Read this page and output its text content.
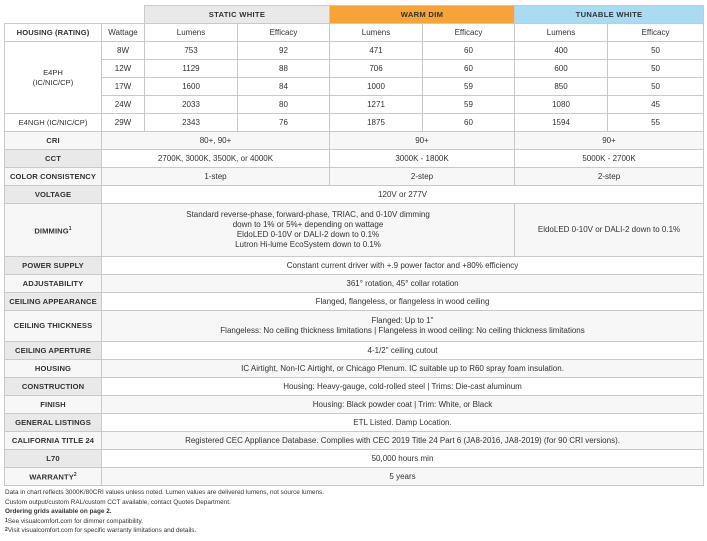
		STATIC WHITE		WARM DIM		TUNABLE WHITE	
HOUSING (RATING)	Wattage	Lumens	Efficacy	Lumens	Efficacy	Lumens	Efficacy
E4PH
(IC/NIC/CP)	8W	753	92	471	60	400	50
	12W	1129	88	706	60	600	50
	17W	1600	84	1000	59	850	50
	24W	2033	80	1271	59	1080	45
E4NGH (IC/NIC/CP)	29W	2343	76	1875	60	1594	55
CRI	80+, 90+			90+		90+	
CCT	2700K, 3000K, 3500K, or 4000K			3000K - 1800K		5000K - 2700K	
COLOR CONSISTENCY	1-step			2-step		2-step	
VOLTAGE	120V or 277V						
DIMMING$^1$	Standard reverse-phase, forward-phase, TRIAC, and 0-10V dimming
down to 1% or 5%+ depending on wattage
EldoLED 0-10V or DALI-2 down to 0.1%
Lutron Hi-lume EcoSystem down to 0.1%					EldoLED 0-10V or DALI-2 down to 0.1%	
POWER SUPPLY	Constant current driver with +.9 power factor and +80% efficiency						
ADJUSTABILITY	361° rotation, 45° collar rotation						
CEILING APPEARANCE	Flanged, flangeless, or flangeless in wood ceiling						
CEILING THICKNESS	Flanged: Up to 1"
Flangeless: No ceiling thickness limitations | Flangeless in wood ceiling: No ceiling thickness limitations						

CEILING APERTURE	4-1/2" ceiling cutout						
HOUSING	IC Airtight, Non-IC Airtight, or Chicago Plenum. IC suitable up to R60 spray foam insulation.						
CONSTRUCTION	Housing: Heavy-gauge, cold-rolled steel | Trims: Die-cast aluminum						
FINISH	Housing: Black powder coat | Trim: White, or Black						
GENERAL LISTINGS	ETL Listed. Damp Location.						
CALIFORNIA TITLE 24	Registered CEC Appliance Database. Complies with CEC 2019 Title 24 Part 6 (JA8-2016, JA8-2019) (for 90 CRI versions).						
L70	50,000 hours min						
WARRANTY$^2$	5 years						
Data in chart reflects 3000K/80CRI values unless noted. Lumen values are delivered lumens, not source lumens.
Custom output/custom RAL/custom CCT available, contact Quotes Department.
Ordering grids available on page 2.
$^1$See visualcomfort.com for dimmer compatibility.
$^2$Visit visualcomfort.com for specific warranty limitations and details.
